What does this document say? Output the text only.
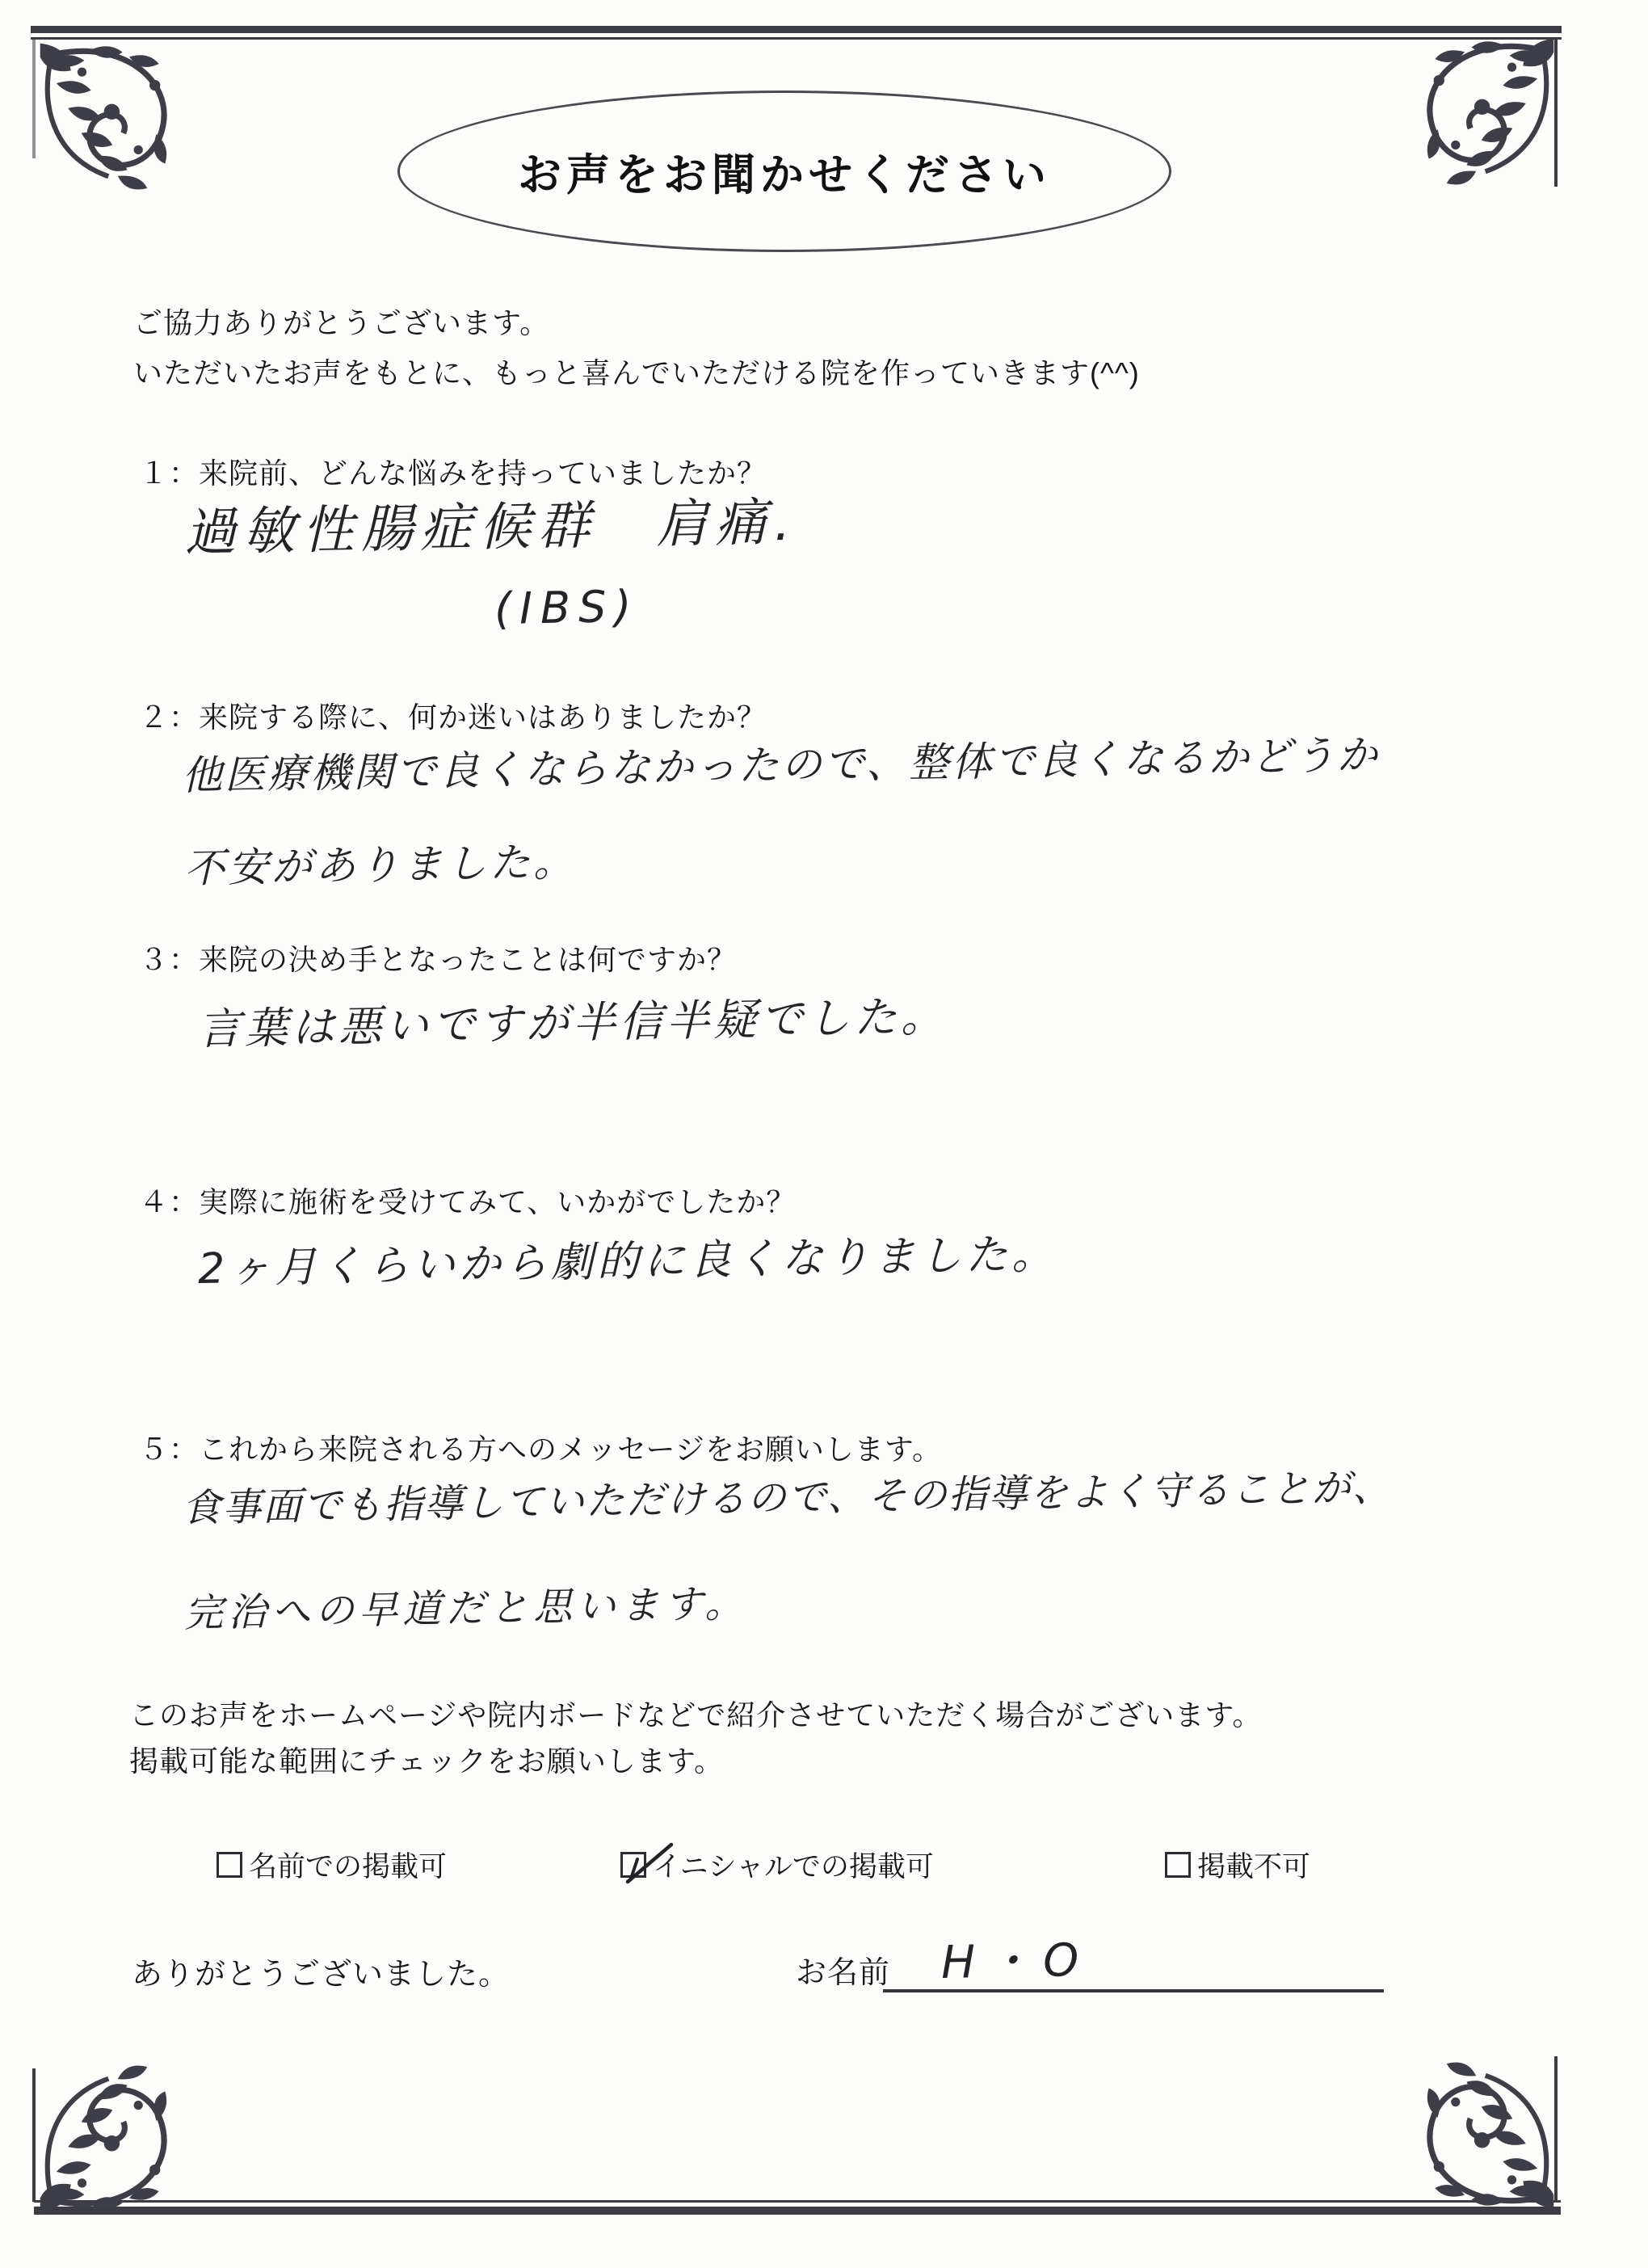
お声をお聞かせください

ご協力ありがとうございます。

いただいたお声をもとに、もっと喜んでいただける院を作っていきます(^^)

１：来院前、どんな悩みを持っていましたか？

過敏性腸症候群　肩痛.

(IBS)

２：来院する際に、何か迷いはありましたか？

他医療機関で良くならなかったので、整体で良くなるかどうか

不安がありました。

３：来院の決め手となったことは何ですか？

言葉は悪いですが半信半疑でした。

４：実際に施術を受けてみて、いかがでしたか？

2ヶ月くらいから劇的に良くなりました。

５：これから来院される方へのメッセージをお願いします。

食事面でも指導していただけるので、その指導をよく守ることが、

完治への早道だと思います。

このお声をホームページや院内ボードなどで紹介させていただく場合がございます。

掲載可能な範囲にチェックをお願いします。

名前での掲載可	イニシャルでの掲載可	掲載不可

ありがとうございました。	お名前 H・O
